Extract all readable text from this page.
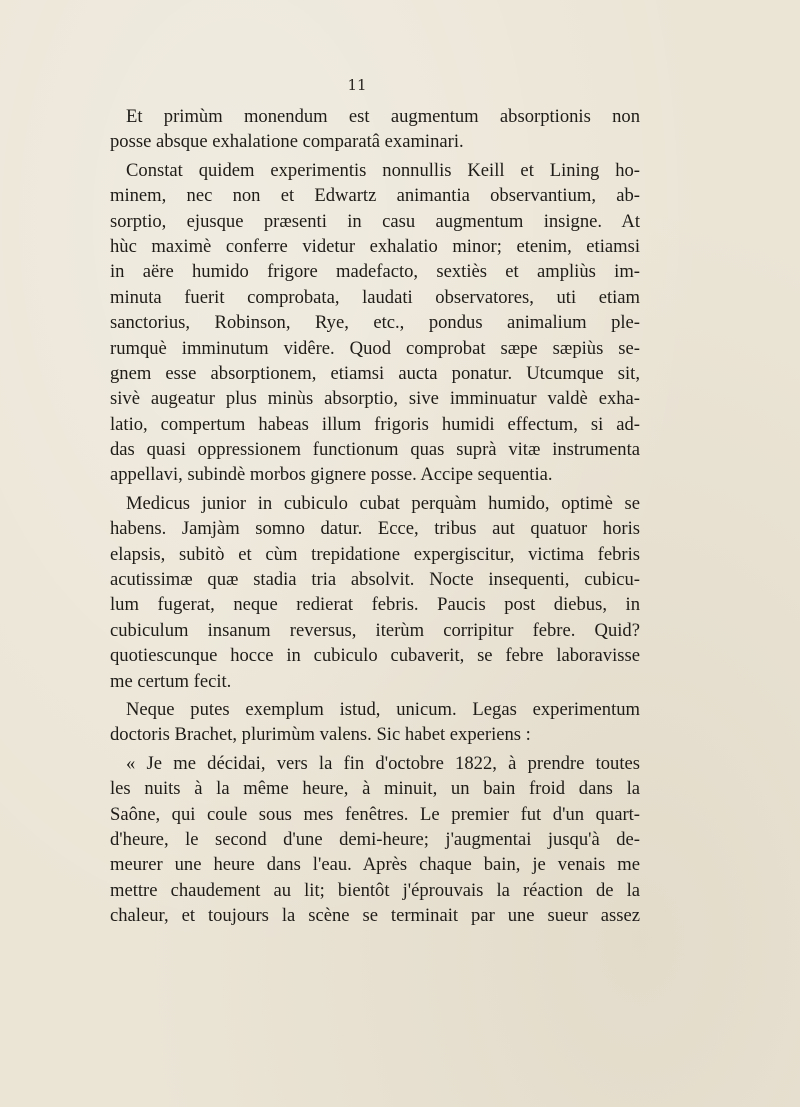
11
Et primùm monendum est augmentum absorptionis non
posse absque exhalatione comparatâ examinari.
Constat quidem experimentis nonnullis Keill et Lining ho-
minem, nec non et Edwartz animantia observantium, ab-
sorptio, ejusque præsenti in casu augmentum insigne. At
hùc maximè conferre videtur exhalatio minor; etenim, etiamsi
in aëre humido frigore madefacto, sextiès et ampliùs im-
minuta fuerit comprobata, laudati observatores, uti etiam
sanctorius, Robinson, Rye, etc., pondus animalium ple-
rumquè imminutum vidêre. Quod comprobat sæpe sæpiùs se-
gnem esse absorptionem, etiamsi aucta ponatur. Utcumque sit,
sivè augeatur plus minùs absorptio, sive imminuatur valdè exha-
latio, compertum habeas illum frigoris humidi effectum, si ad-
das quasi oppressionem functionum quas suprà vitæ instrumenta
appellavi, subindè morbos gignere posse. Accipe sequentia.
Medicus junior in cubiculo cubat perquàm humido, optimè se
habens. Jamjàm somno datur. Ecce, tribus aut quatuor horis
elapsis, subitò et cùm trepidatione expergiscitur, victima febris
acutissimæ quæ stadia tria absolvit. Nocte insequenti, cubicu-
lum fugerat, neque redierat febris. Paucis post diebus, in
cubiculum insanum reversus, iterùm corripitur febre. Quid?
quotiescunque hocce in cubiculo cubaverit, se febre laboravisse
me certum fecit.
Neque putes exemplum istud, unicum. Legas experimentum
doctoris Brachet, plurimùm valens. Sic habet experiens :
« Je me décidai, vers la fin d'octobre 1822, à prendre toutes
les nuits à la même heure, à minuit, un bain froid dans la
Saône, qui coule sous mes fenêtres. Le premier fut d'un quart-
d'heure, le second d'une demi-heure; j'augmentai jusqu'à de-
meurer une heure dans l'eau. Après chaque bain, je venais me
mettre chaudement au lit; bientôt j'éprouvais la réaction de la
chaleur, et toujours la scène se terminait par une sueur assez
